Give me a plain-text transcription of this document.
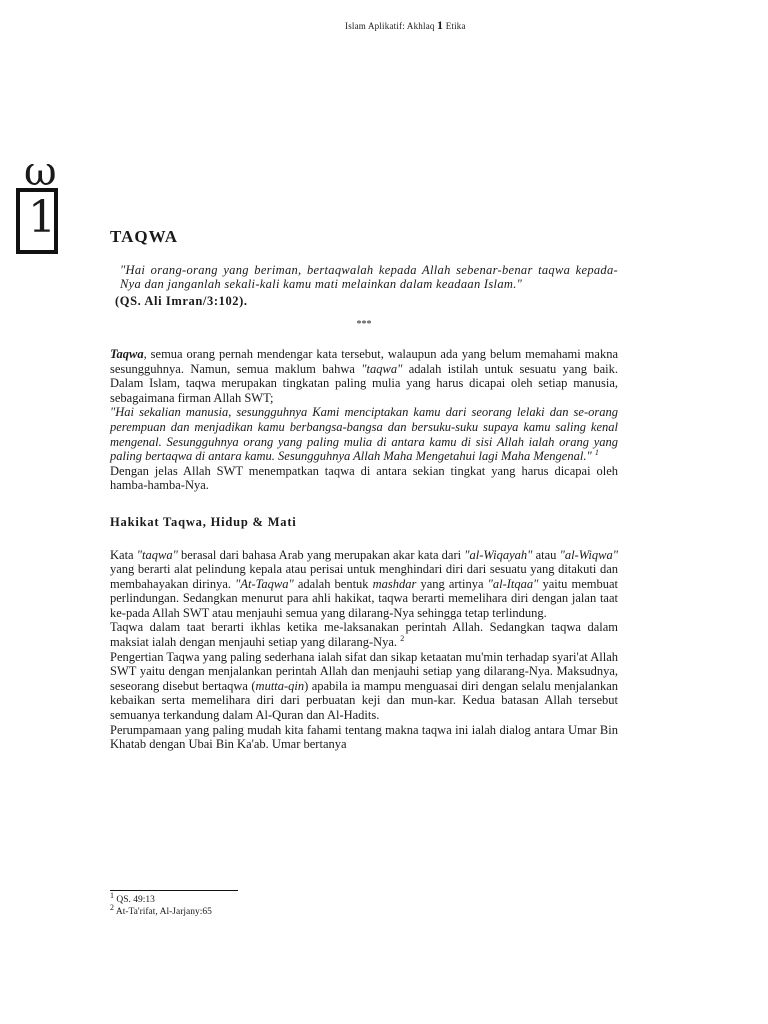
Islam Aplikatif: Akhlaq 1 Etika
ω
1	TAQWA

"Hai orang-orang yang beriman, bertaqwalah kepada Allah sebenar-benar taqwa kepada-Nya dan janganlah sekali-kali kamu mati melainkan dalam keadaan Islam."

(QS. Ali Imran/3:102).
***

Taqwa, semua orang pernah mendengar kata tersebut, walaupun ada yang belum memahami makna sesungguhnya. Namun, semua maklum bahwa "taqwa" adalah istilah untuk sesuatu yang baik. Dalam Islam, taqwa merupakan tingkatan paling mulia yang harus dicapai oleh setiap manusia, sebagaimana firman Allah SWT;

"Hai sekalian manusia, sesungguhnya Kami menciptakan kamu dari seorang lelaki dan se-orang perempuan dan menjadikan kamu berbangsa-bangsa dan bersuku-suku supaya kamu saling kenal mengenal. Sesungguhnya orang yang paling mulia di antara kamu di sisi Allah ialah orang yang paling bertaqwa di antara kamu. Sesungguhnya Allah Maha Mengetahui lagi Maha Mengenal." $^1$

Dengan jelas Allah SWT menempatkan taqwa di antara sekian tingkat yang harus dicapai oleh hamba-hamba-Nya.

Hakikat Taqwa, Hidup & Mati

Kata "taqwa" berasal dari bahasa Arab yang merupakan akar kata dari "al-Wiqayah" atau "al-Wiqwa" yang berarti alat pelindung kepala atau perisai untuk menghindari diri dari sesuatu yang ditakuti dan membahayakan dirinya. "At-Taqwa" adalah bentuk mashdar yang artinya "al-Itqaa" yaitu membuat perlindungan. Sedangkan menurut para ahli hakikat, taqwa berarti memelihara diri dengan jalan taat ke-pada Allah SWT atau menjauhi semua yang dilarang-Nya sehingga tetap terlindung.

Taqwa dalam taat berarti ikhlas ketika me-laksanakan perintah Allah. Sedangkan taqwa dalam maksiat ialah dengan menjauhi setiap yang dilarang-Nya. $^2$

Pengertian Taqwa yang paling sederhana ialah sifat dan sikap ketaatan mu'min terhadap syari'at Allah SWT yaitu dengan menjalankan perintah Allah dan menjauhi setiap yang dilarang-Nya. Maksudnya, seseorang disebut bertaqwa (mutta-qin) apabila ia mampu menguasai diri dengan selalu menjalankan kebaikan serta memelihara diri dari perbuatan keji dan mun-kar. Kedua batasan Allah tersebut semuanya terkandung dalam Al-Quran dan Al-Hadits.

Perumpamaan yang paling mudah kita fahami tentang makna taqwa ini ialah dialog antara Umar Bin Khatab dengan Ubai Bin Ka'ab. Umar bertanya

$^1$ QS. 49:13
$^2$ At-Ta'rifat, Al-Jarjany:65
